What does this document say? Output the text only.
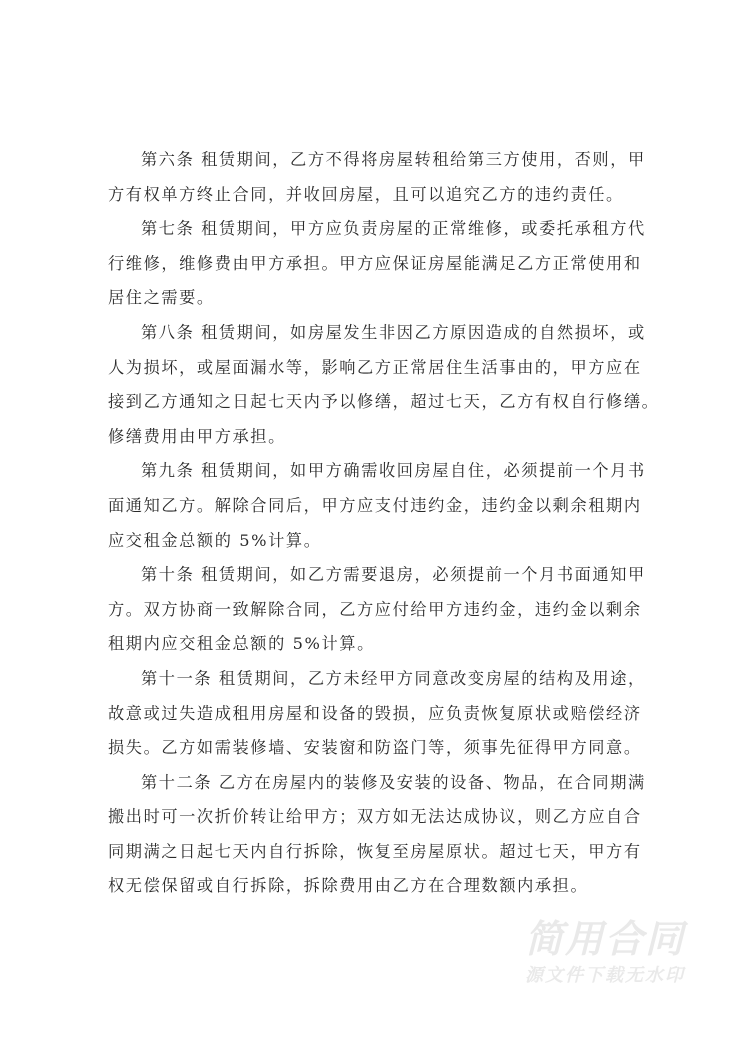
第六条 租赁期间，乙方不得将房屋转租给第三方使用，否则，甲
方有权单方终止合同，并收回房屋，且可以追究乙方的违约责任。
第七条 租赁期间，甲方应负责房屋的正常维修，或委托承租方代
行维修，维修费由甲方承担。甲方应保证房屋能满足乙方正常使用和
居住之需要。
第八条 租赁期间，如房屋发生非因乙方原因造成的自然损坏，或
人为损坏，或屋面漏水等，影响乙方正常居住生活事由的，甲方应在
接到乙方通知之日起七天内予以修缮，超过七天，乙方有权自行修缮。
修缮费用由甲方承担。
第九条 租赁期间，如甲方确需收回房屋自住，必须提前一个月书
面通知乙方。解除合同后，甲方应支付违约金，违约金以剩余租期内
应交租金总额的 5%计算。
第十条 租赁期间，如乙方需要退房，必须提前一个月书面通知甲
方。双方协商一致解除合同，乙方应付给甲方违约金，违约金以剩余
租期内应交租金总额的 5%计算。
第十一条 租赁期间，乙方未经甲方同意改变房屋的结构及用途，
故意或过失造成租用房屋和设备的毁损，应负责恢复原状或赔偿经济
损失。乙方如需装修墙、安装窗和防盗门等，须事先征得甲方同意。
第十二条 乙方在房屋内的装修及安装的设备、物品，在合同期满
搬出时可一次折价转让给甲方；双方如无法达成协议，则乙方应自合
同期满之日起七天内自行拆除，恢复至房屋原状。超过七天，甲方有
权无偿保留或自行拆除，拆除费用由乙方在合理数额内承担。
简用合同
源文件下载无水印
